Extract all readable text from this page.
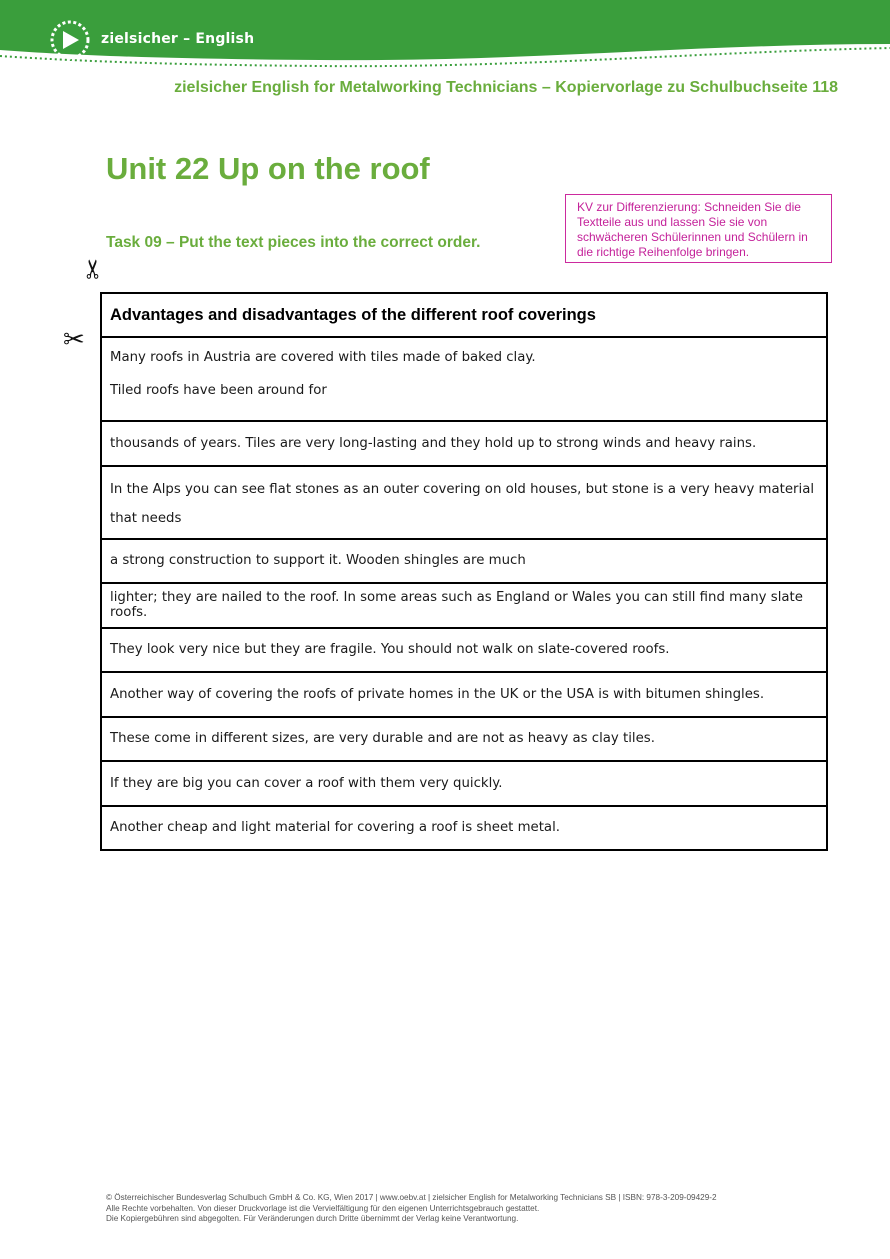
zielsicher – English
zielsicher English for Metalworking Technicians – Kopiervorlage zu Schulbuchseite 118
Unit 22 Up on the roof
KV zur Differenzierung: Schneiden Sie die Textteile aus und lassen Sie sie von schwächeren Schülerinnen und Schülern in die richtige Reihenfolge bringen.
Task 09 – Put the text pieces into the correct order.
✂
✂
Advantages and disadvantages of the different roof coverings
Many roofs in Austria are covered with tiles made of baked clay.
Tiled roofs have been around for
thousands of years. Tiles are very long-lasting and they hold up to strong winds and heavy rains.
In the Alps you can see flat stones as an outer covering on old houses, but stone is a very heavy material that needs
a strong construction to support it. Wooden shingles are much
lighter; they are nailed to the roof. In some areas such as England or Wales you can still find many slate roofs.
They look very nice but they are fragile. You should not walk on slate-covered roofs.
Another way of covering the roofs of private homes in the UK or the USA is with bitumen shingles.
These come in different sizes, are very durable and are not as heavy as clay tiles.
If they are big you can cover a roof with them very quickly.
Another cheap and light material for covering a roof is sheet metal.
© Österreichischer Bundesverlag Schulbuch GmbH & Co. KG, Wien 2017 | www.oebv.at | zielsicher English for Metalworking Technicians SB | ISBN: 978-3-209-09429-2
Alle Rechte vorbehalten. Von dieser Druckvorlage ist die Vervielfältigung für den eigenen Unterrichtsgebrauch gestattet.
Die Kopiergebühren sind abgegolten. Für Veränderungen durch Dritte übernimmt der Verlag keine Verantwortung.
